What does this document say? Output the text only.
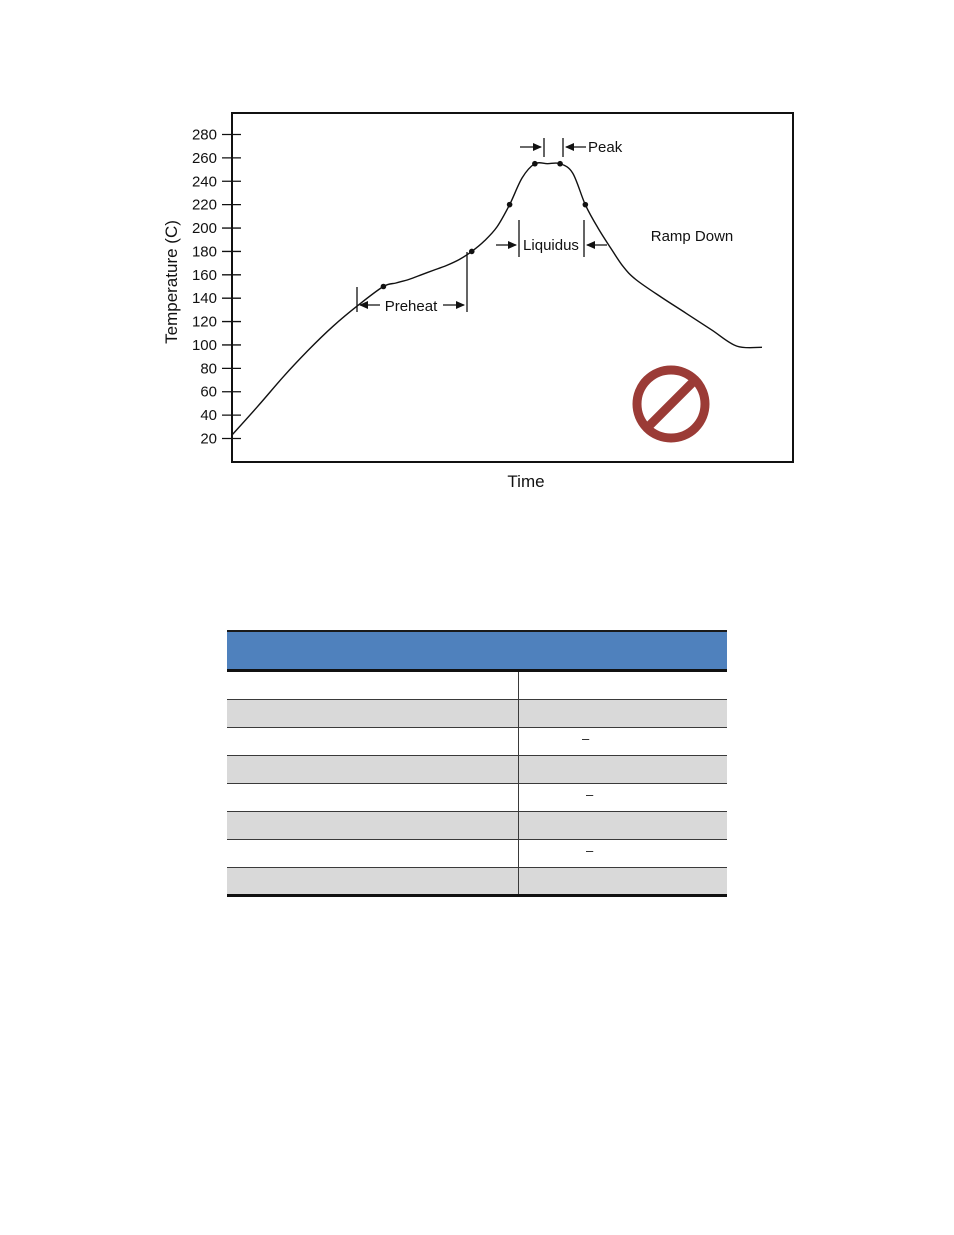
20
40
60
80
100
120
140
160
180
200
220
240
260
280
Temperature (C)
Time
Preheat
Liquidus
Peak
Ramp Down
–
–
–
